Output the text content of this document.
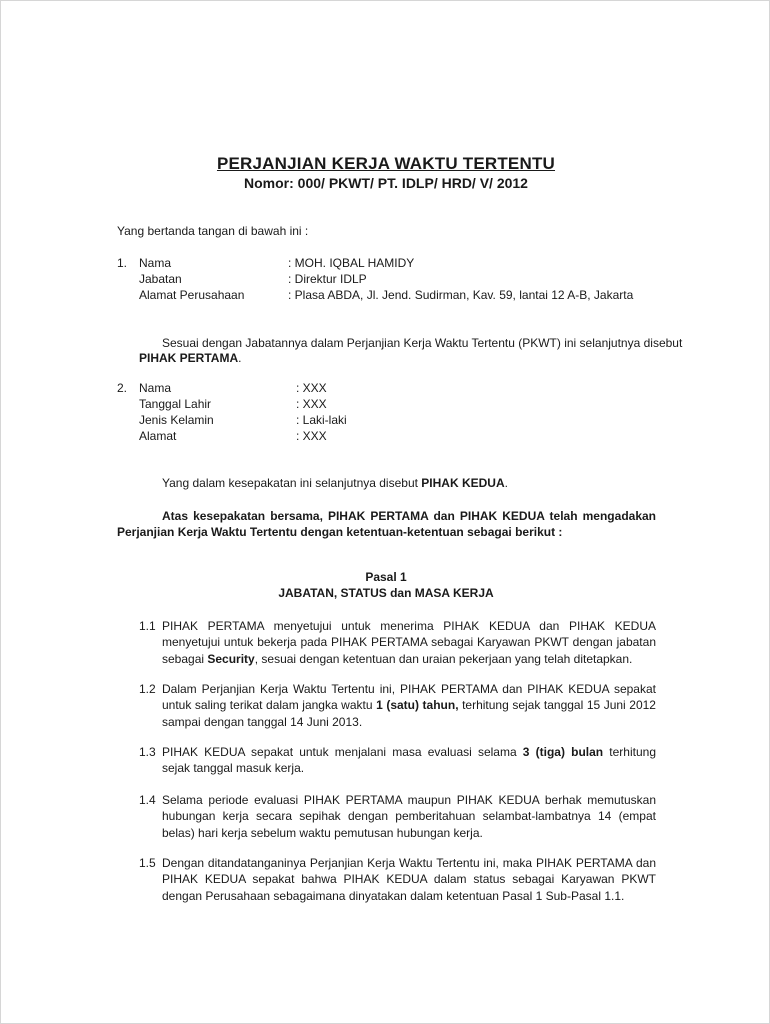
PERJANJIAN KERJA WAKTU TERTENTU
Nomor: 000/ PKWT/ PT. IDLP/ HRD/ V/ 2012
Yang bertanda tangan di bawah ini :
1. Nama	: MOH. IQBAL HAMIDY
Jabatan	: Direktur IDLP
Alamat Perusahaan	: Plasa ABDA, Jl. Jend. Sudirman, Kav. 59, lantai 12 A-B, Jakarta
Sesuai dengan Jabatannya dalam Perjanjian Kerja Waktu Tertentu (PKWT) ini selanjutnya disebut
PIHAK PERTAMA.
2. Nama	: XXX
Tanggal Lahir	: XXX
Jenis Kelamin	: Laki-laki
Alamat	: XXX
Yang dalam kesepakatan ini selanjutnya disebut PIHAK KEDUA.
Atas kesepakatan bersama, PIHAK PERTAMA dan PIHAK KEDUA telah mengadakan
Perjanjian Kerja Waktu Tertentu dengan ketentuan-ketentuan sebagai berikut :
Pasal 1
JABATAN, STATUS dan MASA KERJA
1.1 PIHAK PERTAMA menyetujui untuk menerima PIHAK KEDUA dan PIHAK KEDUA menyetujui untuk bekerja pada PIHAK PERTAMA sebagai Karyawan PKWT dengan jabatan sebagai Security, sesuai dengan ketentuan dan uraian pekerjaan yang telah ditetapkan.
1.2 Dalam Perjanjian Kerja Waktu Tertentu ini, PIHAK PERTAMA dan PIHAK KEDUA sepakat untuk saling terikat dalam jangka waktu 1 (satu) tahun, terhitung sejak tanggal 15 Juni 2012 sampai dengan tanggal 14 Juni 2013.
1.3 PIHAK KEDUA sepakat untuk menjalani masa evaluasi selama 3 (tiga) bulan terhitung sejak tanggal masuk kerja.
1.4 Selama periode evaluasi PIHAK PERTAMA maupun PIHAK KEDUA berhak memutuskan hubungan kerja secara sepihak dengan pemberitahuan selambat-lambatnya 14 (empat belas) hari kerja sebelum waktu pemutusan hubungan kerja.
1.5 Dengan ditandatanganinya Perjanjian Kerja Waktu Tertentu ini, maka PIHAK PERTAMA dan PIHAK KEDUA sepakat bahwa PIHAK KEDUA dalam status sebagai Karyawan PKWT dengan Perusahaan sebagaimana dinyatakan dalam ketentuan Pasal 1 Sub-Pasal 1.1.
